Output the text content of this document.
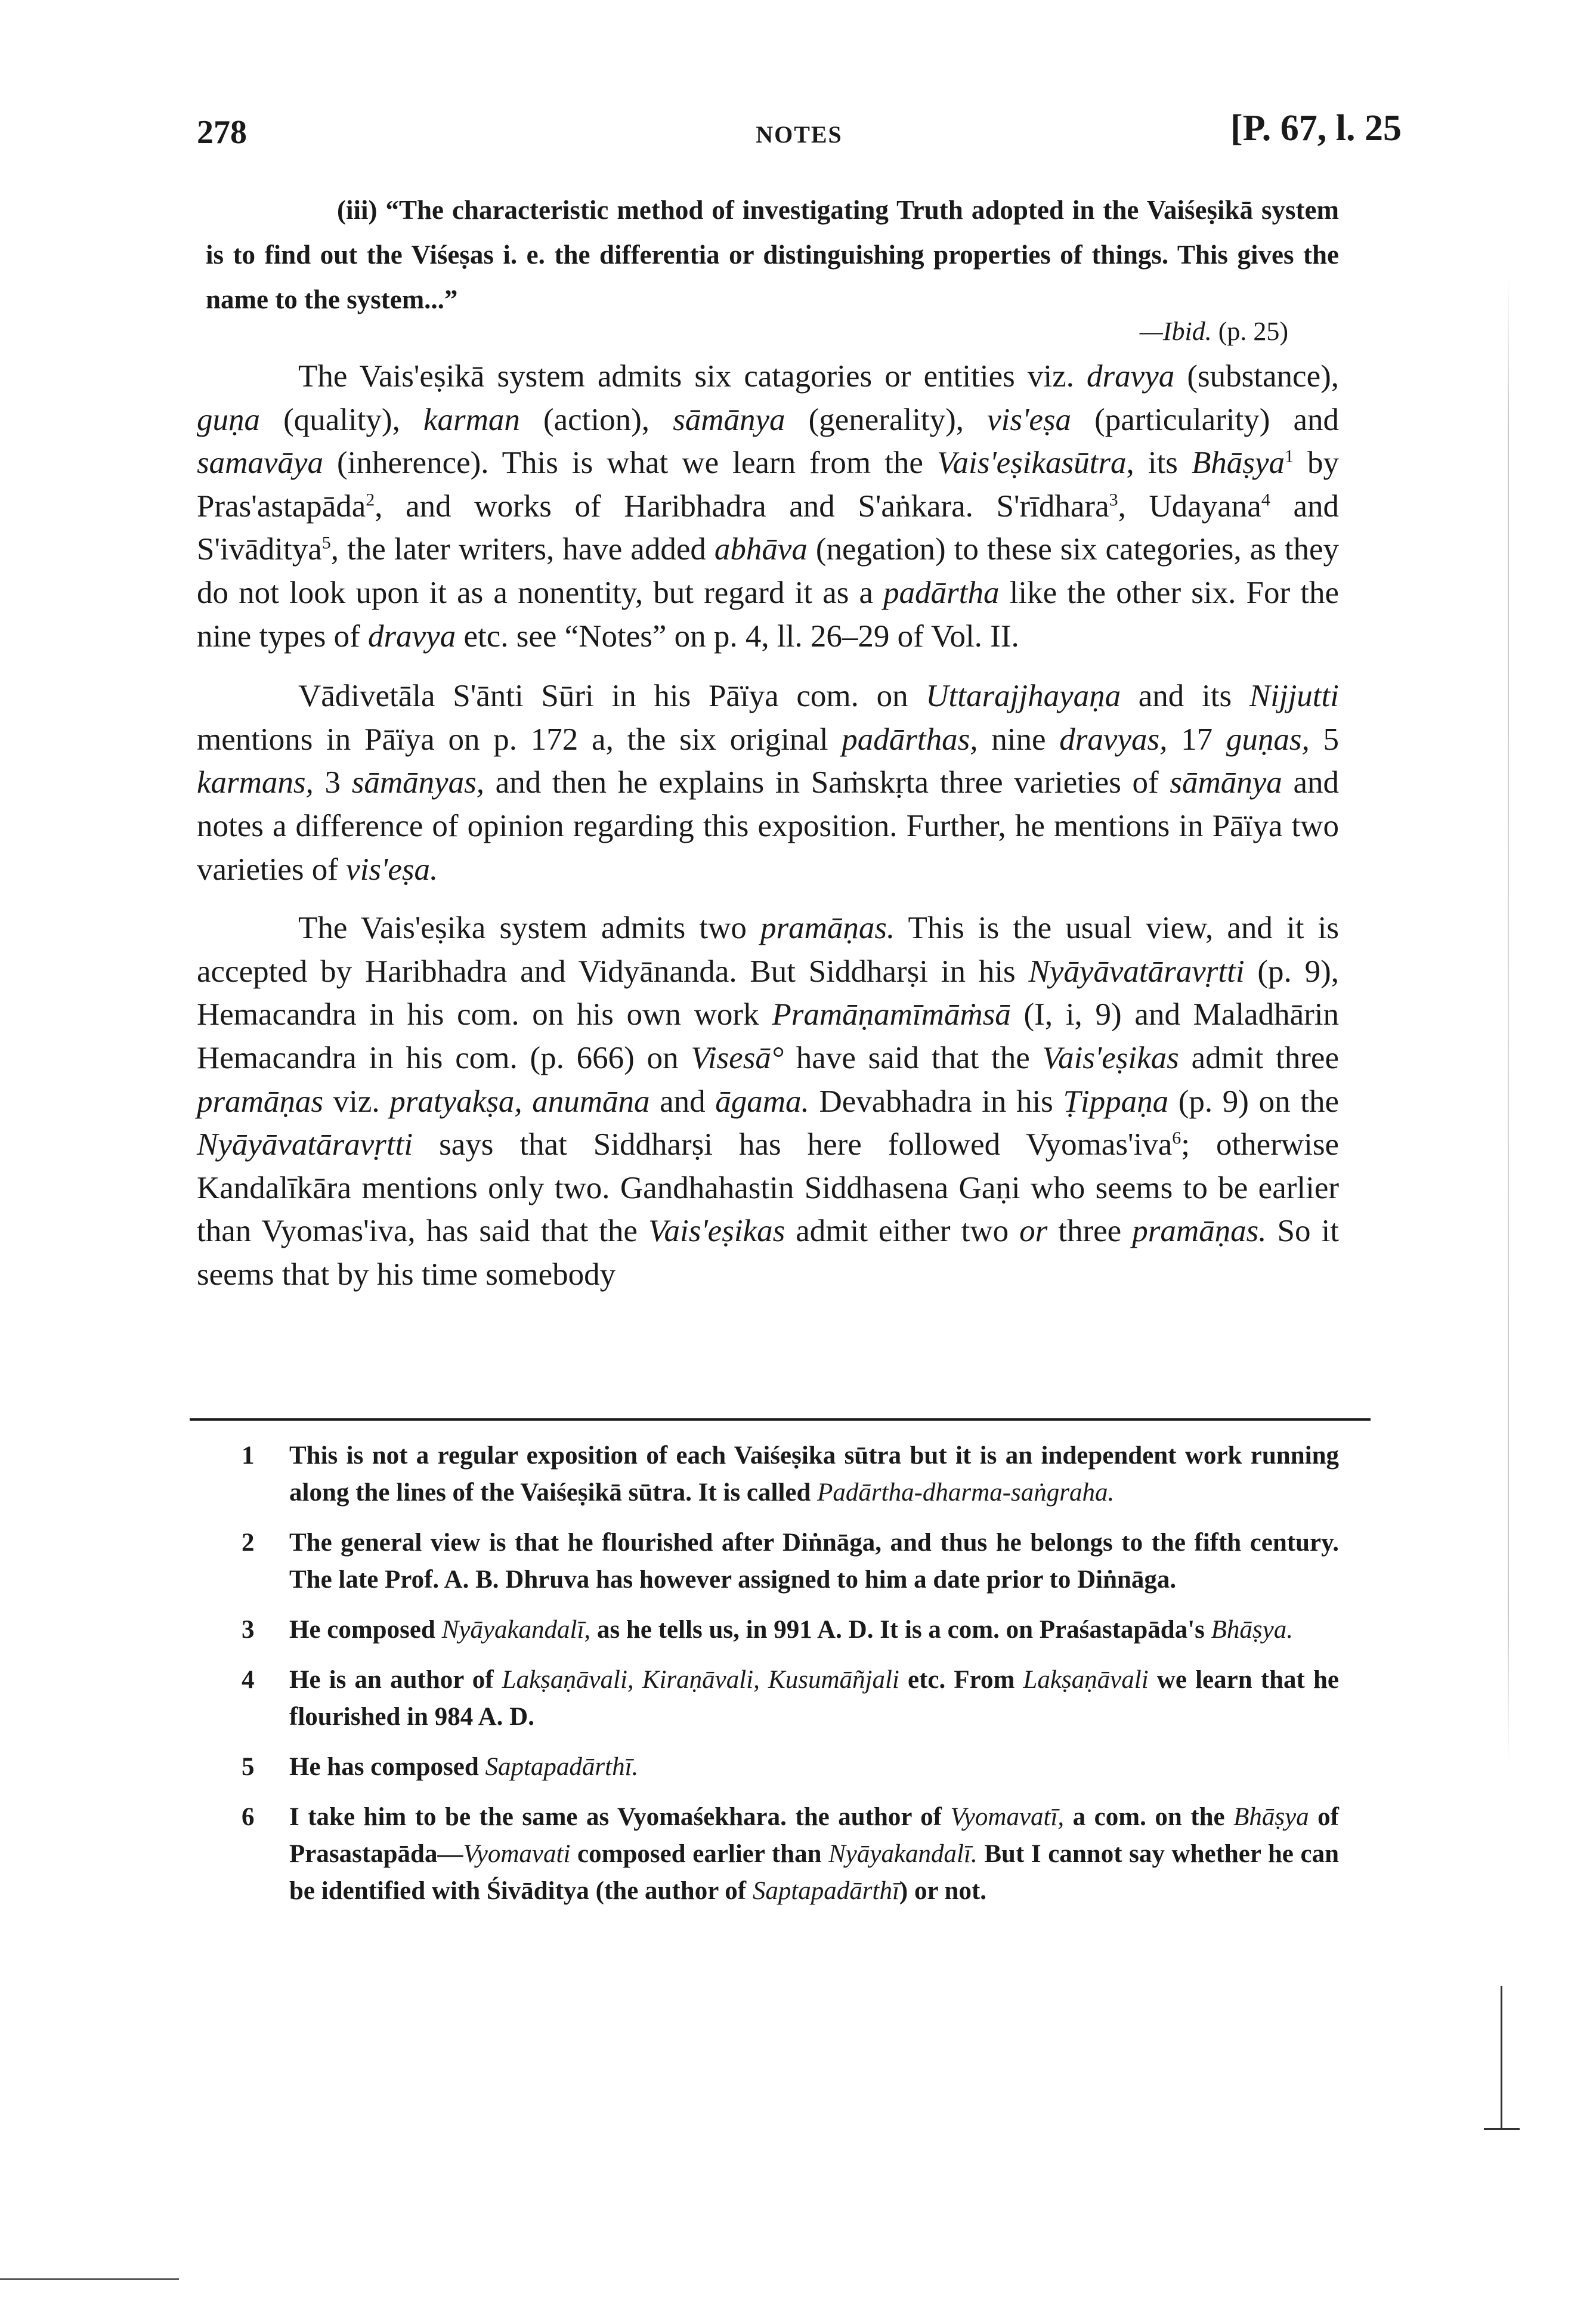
278	NOTES	[P. 67, l. 25
(iii) “The characteristic method of investigating Truth adopted in the Vaiśeṣikā system is to find out the Viśeṣas i. e. the differentia or distinguishing properties of things. This gives the name to the system...”
—Ibid. (p. 25)

The Vais'eṣikā system admits six catagories or entities viz. dravya (substance), guṇa (quality), karman (action), sāmānya (generality), vis'eṣa (particularity) and samavāya (inherence). This is what we learn from the Vais'eṣikasūtra, its Bhāṣya$^1$ by Pras'astapāda$^2$, and works of Haribhadra and S'aṅkara. S'rīdhara$^3$, Udayana$^4$ and S'ivāditya$^5$, the later writers, have added abhāva (negation) to these six categories, as they do not look upon it as a nonentity, but regard it as a padārtha like the other six. For the nine types of dravya etc. see “Notes” on p. 4, ll. 26–29 of Vol. II.

Vādivetāla S'ānti Sūri in his Pāïya com. on Uttarajjhayaṇa and its Nijjutti mentions in Pāïya on p. 172 a, the six original padārthas, nine dravyas, 17 guṇas, 5 karmans, 3 sāmānyas, and then he explains in Saṁskṛta three varieties of sāmānya and notes a difference of opinion regarding this exposition. Further, he mentions in Pāïya two varieties of vis'eṣa.

The Vais'eṣika system admits two pramāṇas. This is the usual view, and it is accepted by Haribhadra and Vidyānanda. But Siddharṣi in his Nyāyāvatāravṛtti (p. 9), Hemacandra in his com. on his own work Pramāṇamīmāṁsā (I, i, 9) and Maladhārin Hemacandra in his com. (p. 666) on Visesā° have said that the Vais'eṣikas admit three pramāṇas viz. pratyakṣa, anumāna and āgama. Devabhadra in his Ṭippaṇa (p. 9) on the Nyāyāvatāravṛtti says that Siddharṣi has here followed Vyomas'iva$^6$; otherwise Kandalīkāra mentions only two. Gandhahastin Siddhasena Gaṇi who seems to be earlier than Vyomas'iva, has said that the Vais'eṣikas admit either two or three pramāṇas. So it seems that by his time somebody

1	This is not a regular exposition of each Vaiśeṣika sūtra but it is an independent work running along the lines of the Vaiśeṣikā sūtra. It is called Padārtha-dharma-saṅgraha.
2	The general view is that he flourished after Diṅnāga, and thus he belongs to the fifth century. The late Prof. A. B. Dhruva has however assigned to him a date prior to Diṅnāga.
3	He composed Nyāyakandalī, as he tells us, in 991 A. D. It is a com. on Praśastapāda's Bhāṣya.
4	He is an author of Lakṣaṇāvali, Kiraṇāvali, Kusumāñjali etc. From Lakṣaṇāvali we learn that he flourished in 984 A. D.
5	He has composed Saptapadārthī.
6	I take him to be the same as Vyomaśekhara. the author of Vyomavatī, a com. on the Bhāṣya of Prasastapāda—Vyomavati composed earlier than Nyāyakandalī. But I cannot say whether he can be identified with Śivāditya (the author of Saptapadārthī) or not.
